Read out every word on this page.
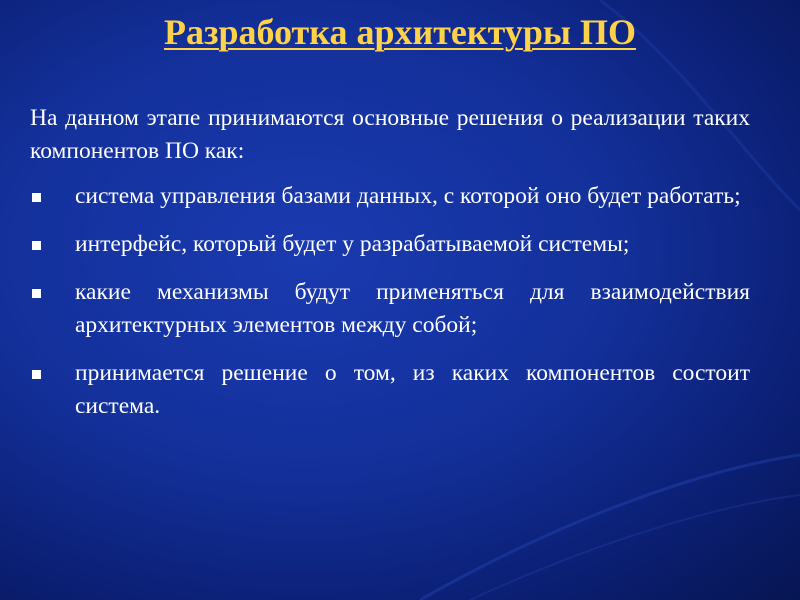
Разработка архитектуры ПО

На данном этапе принимаются основные решения о реализации таких компонентов ПО как:

система управления базами данных, с которой оно будет работать;
интерфейс, который будет у разрабатываемой системы;
какие механизмы будут применяться для взаимодействия архитектурных элементов между собой;
принимается решение о том, из каких компонентов состоит система.
